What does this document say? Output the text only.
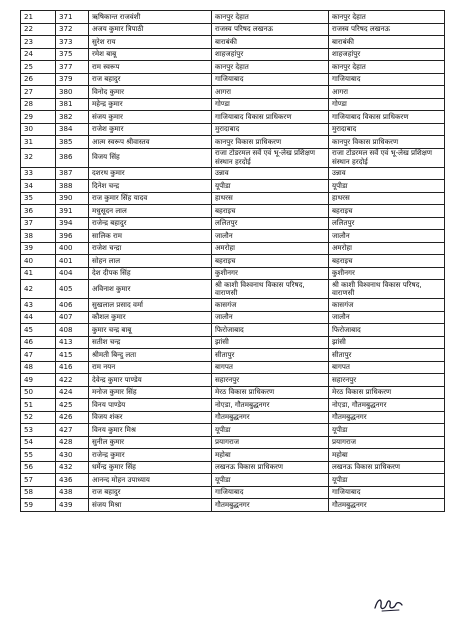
21	371	ऋषिकान्त राजवंशी	कानपुर देहात	कानपुर देहात
22	372	अजय कुमार त्रिपाठी	राजस्व परिषद लखनऊ	राजस्व परिषद लखनऊ
23	373	सुरेश राय	बाराबंकी	बाराबंकी
24	375	रमेश बाबू	शाहजहांपुर	शाहजहांपुर
25	377	राम स्वरूप	कानपुर देहात	कानपुर देहात
26	379	राज बहादुर	गाजियाबाद	गाजियाबाद
27	380	विनोद कुमार	आगरा	आगरा
28	381	महेन्द्र कुमार	गोण्डा	गोण्डा
29	382	संजय कुमार	गाजियाबाद विकास प्राधिकरण	गाजियाबाद विकास प्राधिकरण
30	384	राजेश कुमार	मुरादाबाद	मुरादाबाद
31	385	आत्म स्वरूप श्रीवास्तव	कानपुर विकास प्राधिकरण	कानपुर विकास प्राधिकरण
32	386	विजय सिंह	राजा टोडरमल सर्वे एवं भू-लेख प्रशिक्षण संस्थान हरदोई	राजा टोडरमल सर्वे एवं भू-लेख प्रशिक्षण संस्थान हरदोई
33	387	दशरथ कुमार	उन्नाव	उन्नाव
34	388	दिनेश चन्द्र	यूपीडा	यूपीडा
35	390	राज कुमार सिंह यादव	हाथरस	हाथरस
36	391	मधुसूदन लाल	बहराइच	बहराइच
37	394	राजेन्द्र बहादुर	ललितपुर	ललितपुर
38	396	सालिक राम	जालौन	जालौन
39	400	राजेश चन्द्रा	अमरोहा	अमरोहा
40	401	सोहन लाल	बहराइच	बहराइच
41	404	देश दीपक सिंह	कुशीनगर	कुशीनगर
42	405	अविनाश कुमार	श्री काशी विश्वनाथ विकास परिषद, वाराणसी	श्री काशी विश्वनाथ विकास परिषद, वाराणसी
43	406	सुखलाल प्रसाद वर्मा	कासगंज	कासगंज
44	407	कौशल कुमार	जालौन	जालौन
45	408	कुमार चन्द्र बाबू	फिरोजाबाद	फिरोजाबाद
46	413	सतीश चन्द्र	झांसी	झांसी
47	415	श्रीमती बिन्दु लता	सीतापुर	सीतापुर
48	416	राम नयन	बागपत	बागपत
49	422	देवेन्द्र कुमार पाण्डेय	सहारनपुर	सहारनपुर
50	424	मनोज कुमार सिंह	मेरठ विकास प्राधिकरण	मेरठ विकास प्राधिकरण
51	425	विनय पाण्डेय	नोएडा, गौतमबुद्धनगर	नोएडा, गौतमबुद्धनगर
52	426	विजय शंकर	गौतमबुद्धनगर	गौतमबुद्धनगर
53	427	विनय कुमार मिश्र	यूपीडा	यूपीडा
54	428	सुनील कुमार	प्रयागराज	प्रयागराज
55	430	राजेन्द्र कुमार	महोबा	महोबा
56	432	धर्मेन्द्र कुमार सिंह	लखनऊ विकास प्राधिकरण	लखनऊ विकास प्राधिकरण
57	436	आनन्द मोहन उपाध्याय	यूपीडा	यूपीडा
58	438	राज बहादुर	गाजियाबाद	गाजियाबाद
59	439	संजय मिश्रा	गौतमबुद्धनगर	गौतमबुद्धनगर
